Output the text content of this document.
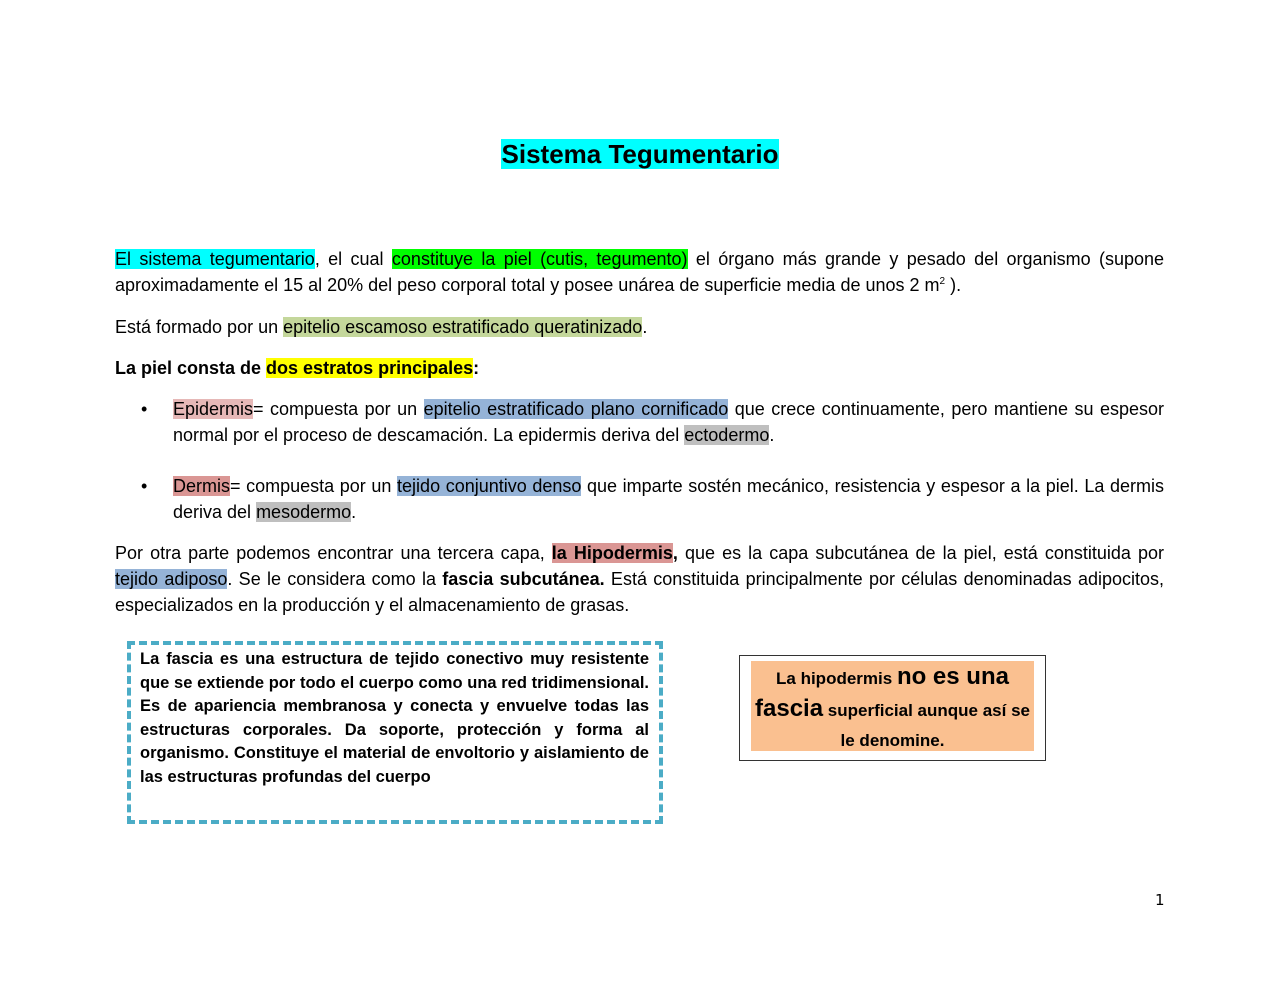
Sistema Tegumentario

El sistema tegumentario, el cual constituye la piel (cutis, tegumento) el órgano más grande y pesado del organismo (supone aproximadamente el 15 al 20% del peso corporal total y posee unárea de superficie media de unos 2 $m^2$ ).

Está formado por un epitelio escamoso estratificado queratinizado.

La piel consta de dos estratos principales:

• Epidermis= compuesta por un epitelio estratificado plano cornificado que crece continuamente, pero mantiene su espesor normal por el proceso de descamación. La epidermis deriva del ectodermo.

• Dermis= compuesta por un tejido conjuntivo denso que imparte sostén mecánico, resistencia y espesor a la piel. La dermis deriva del mesodermo.

Por otra parte podemos encontrar una tercera capa, la Hipodermis, que es la capa subcutánea de la piel, está constituida por tejido adiposo. Se le considera como la fascia subcutánea. Está constituida principalmente por células denominadas adipocitos, especializados en la producción y el almacenamiento de grasas.

La fascia es una estructura de tejido conectivo muy resistente que se extiende por todo el cuerpo como una red tridimensional. Es de apariencia membranosa y conecta y envuelve todas las estructuras corporales. Da soporte, protección y forma al organismo. Constituye el material de envoltorio y aislamiento de las estructuras profundas del cuerpo
La hipodermis no es una fascia superficial aunque así se le denomine.
1
